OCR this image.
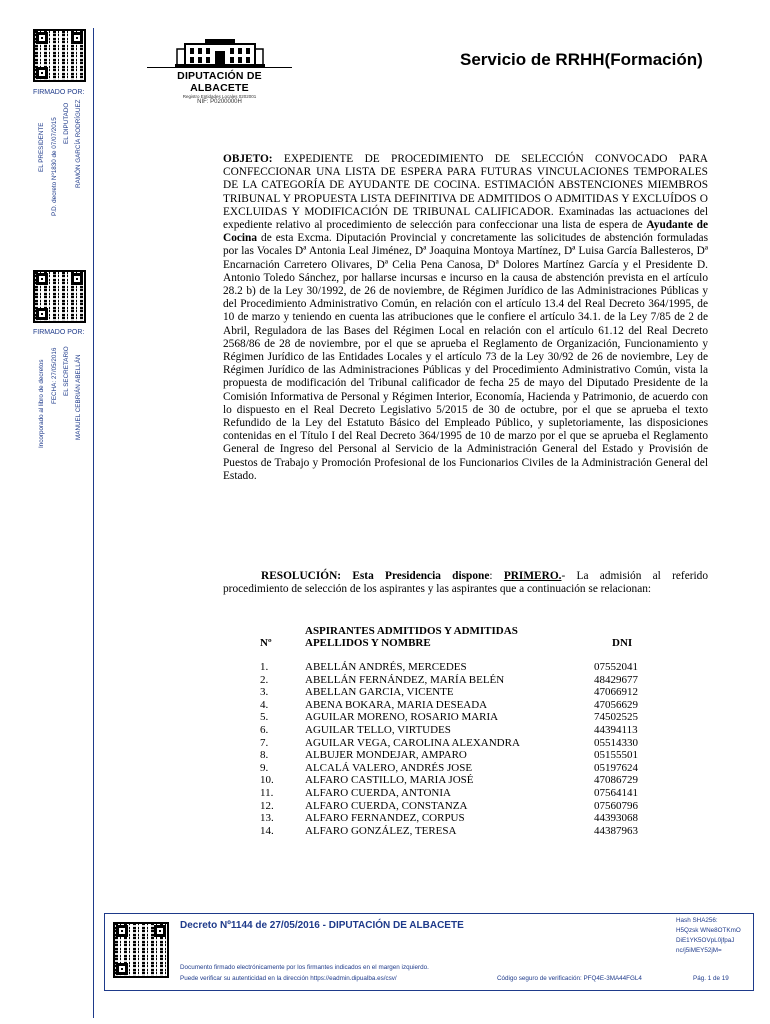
FIRMADO POR:
EL PRESIDENTE P.D. decreto Nº1830 de 07/07/2015 EL DIPUTADO RAMÓN GARCÍA RODRÍGUEZ
FIRMADO POR:
Incorporado al libro de decretos FECHA: 27/05/2016 EL SECRETARIO MANUEL CEBRIÁN ABELLÁN
DIPUTACIÓN DE ALBACETE
Registro Entidades Locales 0202001
NIF: P0200000H
Servicio de RRHH(Formación)
OBJETO: EXPEDIENTE DE PROCEDIMIENTO DE SELECCIÓN CONVOCADO PARA CONFECCIONAR UNA LISTA DE ESPERA PARA FUTURAS VINCULACIONES TEMPORALES DE LA CATEGORÍA DE AYUDANTE DE COCINA. ESTIMACIÓN ABSTENCIONES MIEMBROS TRIBUNAL Y PROPUESTA LISTA DEFINITIVA DE ADMITIDOS O ADMITIDAS Y EXCLUÍDOS O EXCLUIDAS Y MODIFICACIÓN DE TRIBUNAL CALIFICADOR. Examinadas las actuaciones del expediente relativo al procedimiento de selección para confeccionar una lista de espera de Ayudante de Cocina de esta Excma. Diputación Provincial y concretamente las solicitudes de abstención formuladas por las Vocales Dª Antonia Leal Jiménez, Dª Joaquina Montoya Martínez, Dª Luisa García Ballesteros, Dª Encarnación Carretero Olivares, Dª Celia Pena Canosa, Dª Dolores Martínez García y el Presidente D. Antonio Toledo Sánchez, por hallarse incursas e incurso en la causa de abstención prevista en el artículo 28.2 b) de la Ley 30/1992, de 26 de noviembre, de Régimen Jurídico de las Administraciones Públicas y del Procedimiento Administrativo Común, en relación con el artículo 13.4 del Real Decreto 364/1995, de 10 de marzo y teniendo en cuenta las atribuciones que le confiere el artículo 34.1. de la Ley 7/85 de 2 de Abril, Reguladora de las Bases del Régimen Local en relación con el artículo 61.12 del Real Decreto 2568/86 de 28 de noviembre, por el que se aprueba el Reglamento de Organización, Funcionamiento y Régimen Jurídico de las Entidades Locales y el artículo 73 de la Ley 30/92 de 26 de noviembre, Ley de Régimen Jurídico de las Administraciones Públicas y del Procedimiento Administrativo Común, vista la propuesta de modificación del Tribunal calificador de fecha 25 de mayo del Diputado Presidente de la Comisión Informativa de Personal y Régimen Interior, Economía, Hacienda y Patrimonio, de acuerdo con lo dispuesto en el Real Decreto Legislativo 5/2015 de 30 de octubre, por el que se aprueba el texto Refundido de la Ley del Estatuto Básico del Empleado Público, y supletoriamente, las disposiciones contenidas en el Título I del Real Decreto 364/1995 de 10 de marzo por el que se aprueba el Reglamento General de Ingreso del Personal al Servicio de la Administración General del Estado y Provisión de Puestos de Trabajo y Promoción Profesional de los Funcionarios Civiles de la Administración General del Estado.
RESOLUCIÓN: Esta Presidencia dispone: PRIMERO.- La admisión al referido procedimiento de selección de los aspirantes y las aspirantes que a continuación se relacionan:
Nº
ASPIRANTES ADMITIDOS Y ADMITIDAS
APELLIDOS Y NOMBRE	DNI
1.	ABELLÁN ANDRÉS, MERCEDES	07552041
2.	ABELLÁN FERNÁNDEZ, MARÍA BELÉN	48429677
3.	ABELLAN GARCIA, VICENTE	47066912
4.	ABENA BOKARA, MARIA DESEADA	47056629
5.	AGUILAR MORENO, ROSARIO MARIA	74502525
6.	AGUILAR TELLO, VIRTUDES	44394113
7.	AGUILAR VEGA, CAROLINA ALEXANDRA	05514330
8.	ALBUJER MONDEJAR, AMPARO	05155501
9.	ALCALÁ VALERO, ANDRÉS JOSE	05197624
10.	ALFARO CASTILLO, MARIA JOSÉ	47086729
11.	ALFARO CUERDA, ANTONIA	07564141
12.	ALFARO CUERDA, CONSTANZA	07560796
13.	ALFARO FERNANDEZ, CORPUS	44393068
14.	ALFARO GONZÁLEZ, TERESA	44387963
Decreto Nº1144 de 27/05/2016 - DIPUTACIÓN DE ALBACETE	Hash SHA256:
H5Qzsk WNe8OTKmO
DiE1YK5OVpL0jfpaJ
nc/j5iMEY52jM=
Documento firmado electrónicamente por los firmantes indicados en el margen izquierdo.
Puede verificar su autenticidad en la dirección https://eadmin.dipualba.es/csv/	Código seguro de verificación: PFQ4E-3MA44FGL4	Pág. 1 de 19
